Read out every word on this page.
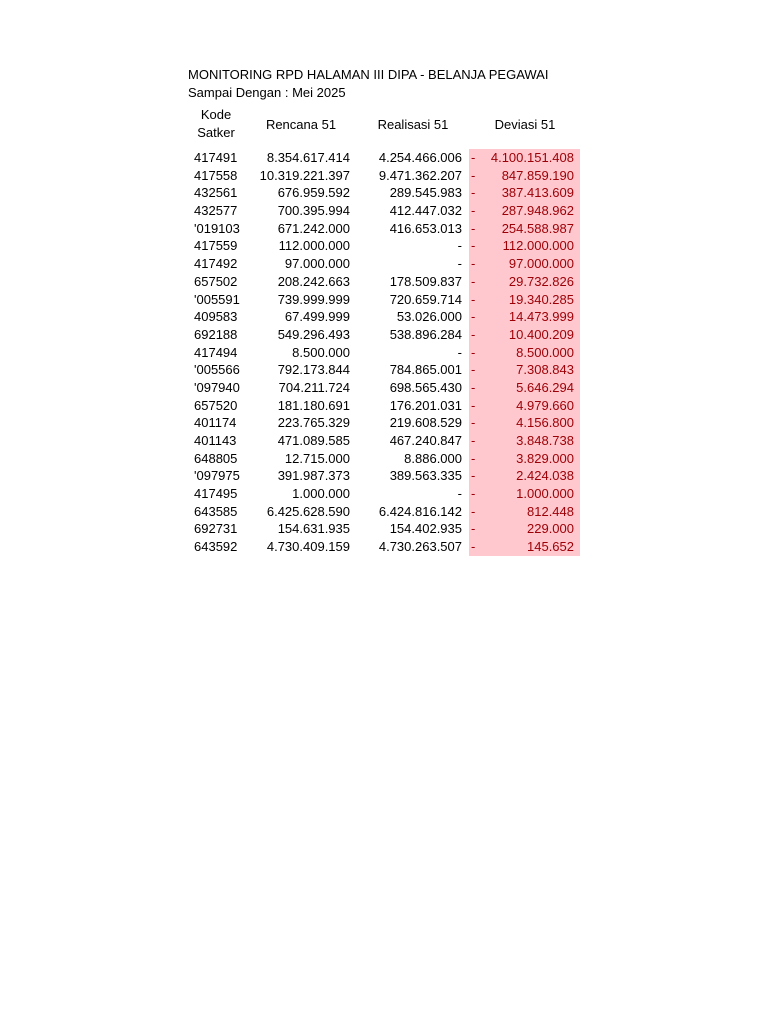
MONITORING RPD HALAMAN III DIPA - BELANJA PEGAWAI
Sampai Dengan : Mei 2025
Kode
Satker
Rencana 51	Realisasi 51	Deviasi 51
417491	8.354.617.414	4.254.466.006 - 4.100.151.408
417558	10.319.221.397	9.471.362.207 - 847.859.190
432561	676.959.592	289.545.983 - 387.413.609
432577	700.395.994	412.447.032 - 287.948.962
'019103	671.242.000	416.653.013 - 254.588.987
417559	112.000.000	- - 112.000.000
417492	97.000.000	- -	97.000.000
657502	208.242.663	178.509.837 -	29.732.826
'005591	739.999.999	720.659.714 -	19.340.285
409583	67.499.999	53.026.000 -	14.473.999
692188	549.296.493	538.896.284 -	10.400.209
417494	8.500.000	- -	8.500.000
'005566	792.173.844	784.865.001 -	7.308.843
'097940	704.211.724	698.565.430 -	5.646.294
657520	181.180.691	176.201.031 -	4.979.660
401174	223.765.329	219.608.529 -	4.156.800
401143	471.089.585	467.240.847 -	3.848.738
648805	12.715.000	8.886.000 -	3.829.000
'097975	391.987.373	389.563.335 -	2.424.038
417495	1.000.000	- -	1.000.000
643585	6.425.628.590	6.424.816.142 -	812.448
692731	154.631.935	154.402.935 -	229.000
643592	4.730.409.159	4.730.263.507 -	145.652
